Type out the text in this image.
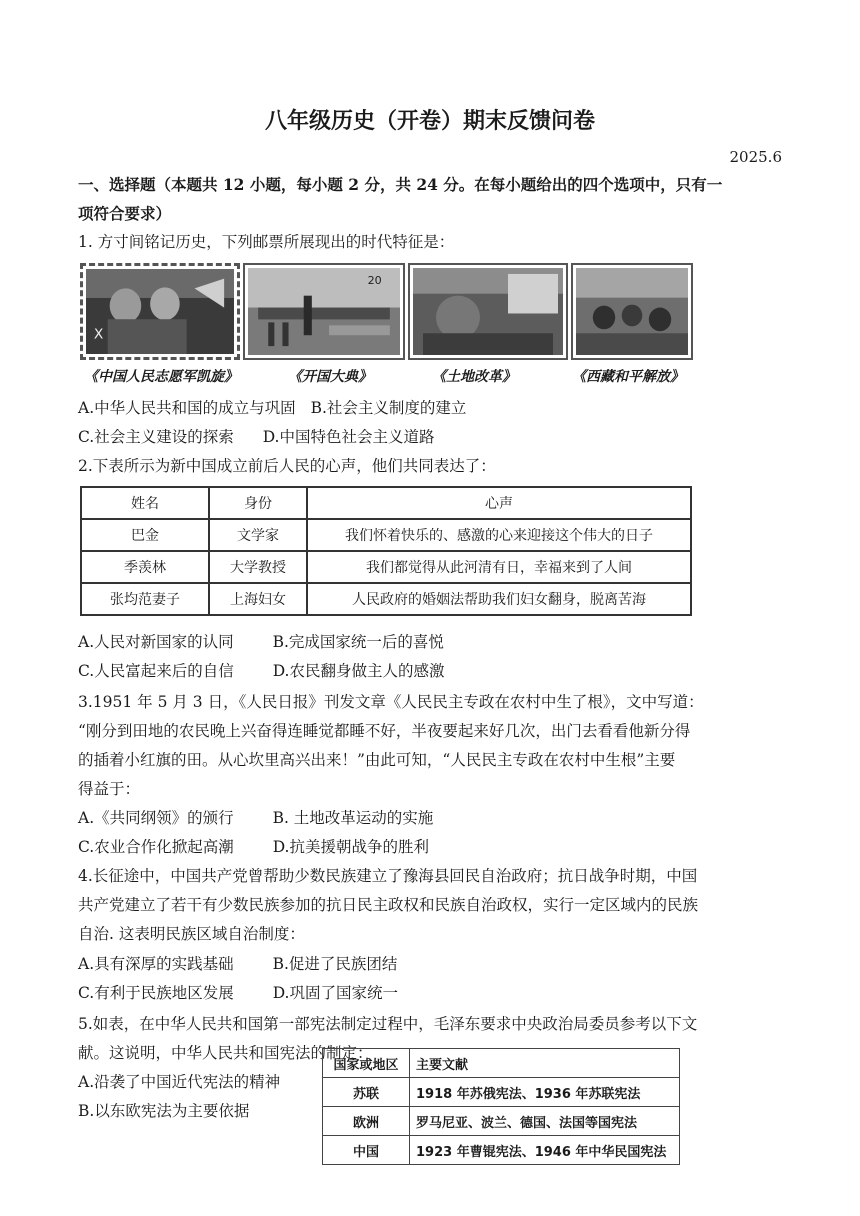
八年级历史（开卷）期末反馈问卷
2025.6
一、选择题（本题共 12 小题，每小题 2 分，共 24 分。在每小题给出的四个选项中，只有一
项符合要求）
1. 方寸间铭记历史，下列邮票所展现出的时代特征是：
X
20
《中国人民志愿军凯旋》	《开国大典》	《土地改革》	《西藏和平解放》
A.中华人民共和国的成立与巩固 B.社会主义制度的建立
C.社会主义建设的探索 D.中国特色社会主义道路
2.下表所示为新中国成立前后人民的心声，他们共同表达了：
姓名	身份	心声
巴金	文学家	我们怀着快乐的、感激的心来迎接这个伟大的日子
季羡林	大学教授	我们都觉得从此河清有日，幸福来到了人间
张均范妻子	上海妇女	人民政府的婚姻法帮助我们妇女翻身，脱离苦海
A.人民对新国家的认同	B.完成国家统一后的喜悦
C.人民富起来后的自信	D.农民翻身做主人的感激
3.1951 年 5 月 3 日，《人民日报》刊发文章《人民民主专政在农村中生了根》，文中写道：
“刚分到田地的农民晚上兴奋得连睡觉都睡不好，半夜要起来好几次，出门去看看他新分得
的插着小红旗的田。从心坎里高兴出来！”由此可知，“人民民主专政在农村中生根”主要
得益于：
A.《共同纲领》的颁行	B. 土地改革运动的实施
C.农业合作化掀起高潮	D.抗美援朝战争的胜利
4.长征途中，中国共产党曾帮助少数民族建立了豫海县回民自治政府；抗日战争时期，中国
共产党建立了若干有少数民族参加的抗日民主政权和民族自治政权，实行一定区域内的民族
自治. 这表明民族区域自治制度：
A.具有深厚的实践基础	B.促进了民族团结
C.有利于民族地区发展	D.巩固了国家统一
5.如表，在中华人民共和国第一部宪法制定过程中，毛泽东要求中央政治局委员参考以下文
献。这说明，中华人民共和国宪法的制定：
A.沿袭了中国近代宪法的精神
B.以东欧宪法为主要依据
国家或地区	主要文献
苏联	1918 年苏俄宪法、1936 年苏联宪法
欧洲	罗马尼亚、波兰、德国、法国等国宪法
中国	1923 年曹锟宪法、1946 年中华民国宪法
